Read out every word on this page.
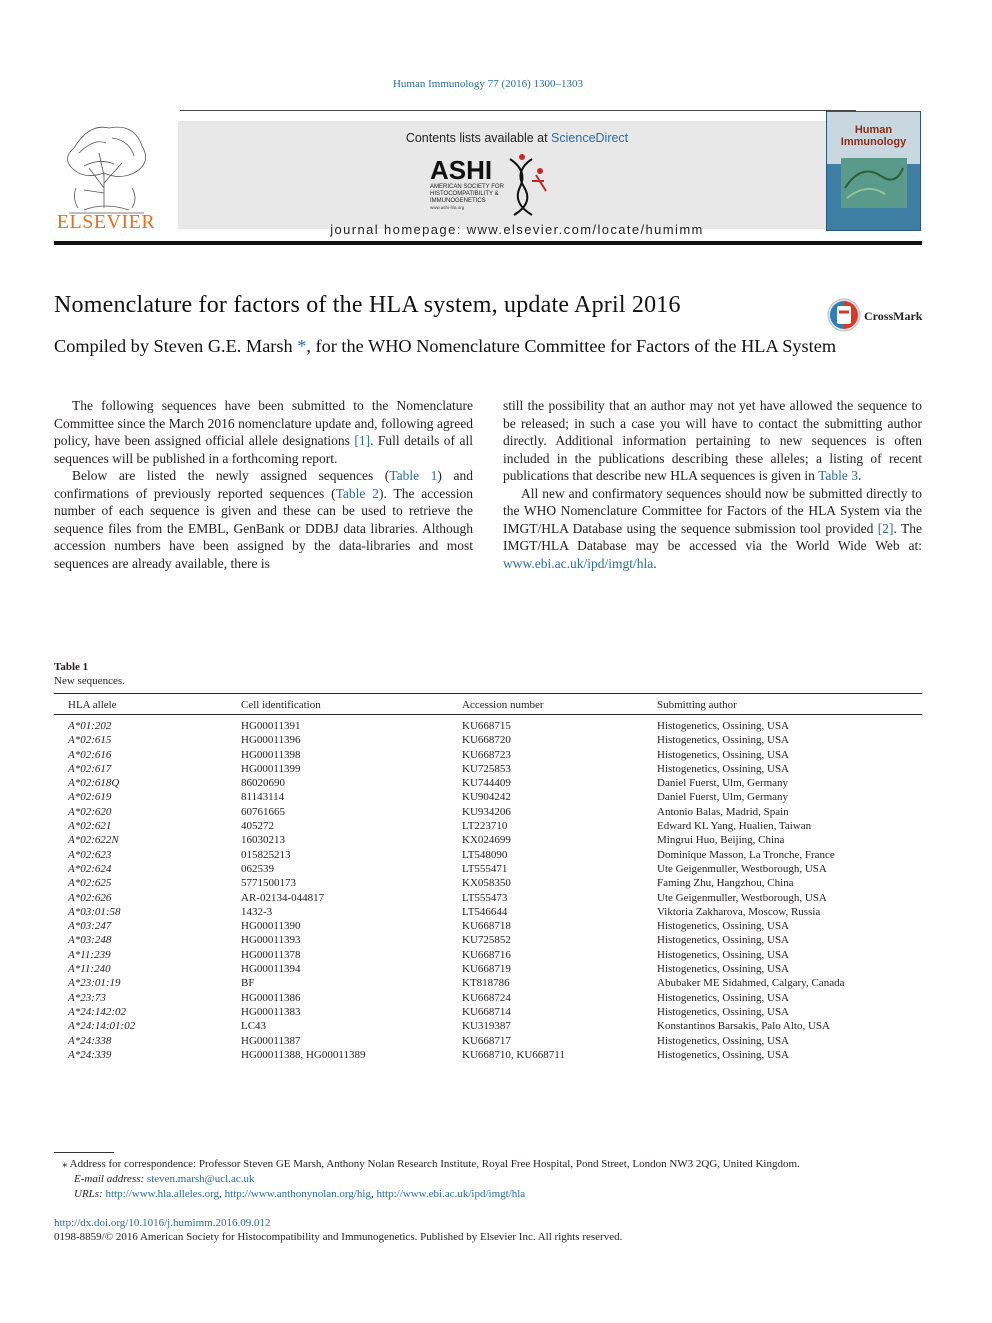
Human Immunology 77 (2016) 1300–1303
ELSEVIER
Contents lists available at ScienceDirect
ASHI
AMERICAN SOCIETY FOR
HISTOCOMPATIBILITY &
IMMUNOGENETICS
www.ashi-hla.org
journal homepage: www.elsevier.com/locate/humimm
Human
Immunology
Nomenclature for factors of the HLA system, update April 2016	CrossMark
Compiled by Steven G.E. Marsh *, for the WHO Nomenclature Committee for Factors of the HLA System

The following sequences have been submitted to the Nomenclature Committee since the March 2016 nomenclature update and, following agreed policy, have been assigned official allele designations [1]. Full details of all sequences will be published in a forthcoming report.

Below are listed the newly assigned sequences (Table 1) and confirmations of previously reported sequences (Table 2). The accession number of each sequence is given and these can be used to retrieve the sequence files from the EMBL, GenBank or DDBJ data libraries. Although accession numbers have been assigned by the data-libraries and most sequences are already available, there is

still the possibility that an author may not yet have allowed the sequence to be released; in such a case you will have to contact the submitting author directly. Additional information pertaining to new sequences is often included in the publications describing these alleles; a listing of recent publications that describe new HLA sequences is given in Table 3.

All new and confirmatory sequences should now be submitted directly to the WHO Nomenclature Committee for Factors of the HLA System via the IMGT/HLA Database using the sequence submission tool provided [2]. The IMGT/HLA Database may be accessed via the World Wide Web at: www.ebi.ac.uk/ipd/imgt/hla.

Table 1
New sequences.
HLA allele	Cell identification	Accession number	Submitting author
A*01:202	HG00011391	KU668715	Histogenetics, Ossining, USA
A*02:615	HG00011396	KU668720	Histogenetics, Ossining, USA
A*02:616	HG00011398	KU668723	Histogenetics, Ossining, USA
A*02:617	HG00011399	KU725853	Histogenetics, Ossining, USA
A*02:618Q	86020690	KU744409	Daniel Fuerst, Ulm, Germany
A*02:619	81143114	KU904242	Daniel Fuerst, Ulm, Germany
A*02:620	60761665	KU934206	Antonio Balas, Madrid, Spain
A*02:621	405272	LT223710	Edward KL Yang, Hualien, Taiwan
A*02:622N	16030213	KX024699	Mingrui Huo, Beijing, China
A*02:623	015825213	LT548090	Dominique Masson, La Tronche, France
A*02:624	062539	LT555471	Ute Geigenmuller, Westborough, USA
A*02:625	5771500173	KX058350	Faming Zhu, Hangzhou, China
A*02:626	AR-02134-044817	LT555473	Ute Geigenmuller, Westborough, USA
A*03:01:58	1432-3	LT546644	Viktoria Zakharova, Moscow, Russia
A*03:247	HG00011390	KU668718	Histogenetics, Ossining, USA
A*03:248	HG00011393	KU725852	Histogenetics, Ossining, USA
A*11:239	HG00011378	KU668716	Histogenetics, Ossining, USA
A*11:240	HG00011394	KU668719	Histogenetics, Ossining, USA
A*23:01:19	BF	KT818786	Abubaker ME Sidahmed, Calgary, Canada
A*23:73	HG00011386	KU668724	Histogenetics, Ossining, USA
A*24:142:02	HG00011383	KU668714	Histogenetics, Ossining, USA
A*24:14:01:02	LC43	KU319387	Konstantinos Barsakis, Palo Alto, USA
A*24:338	HG00011387	KU668717	Histogenetics, Ossining, USA
A*24:339	HG00011388, HG00011389	KU668710, KU668711	Histogenetics, Ossining, USA
⁎ Address for correspondence: Professor Steven GE Marsh, Anthony Nolan Research Institute, Royal Free Hospital, Pond Street, London NW3 2QG, United Kingdom.
E-mail address: steven.marsh@ucl.ac.uk
URLs: http://www.hla.alleles.org, http://www.anthonynolan.org/hig, http://www.ebi.ac.uk/ipd/imgt/hla
http://dx.doi.org/10.1016/j.humimm.2016.09.012
0198-8859/© 2016 American Society for Histocompatibility and Immunogenetics. Published by Elsevier Inc. All rights reserved.
